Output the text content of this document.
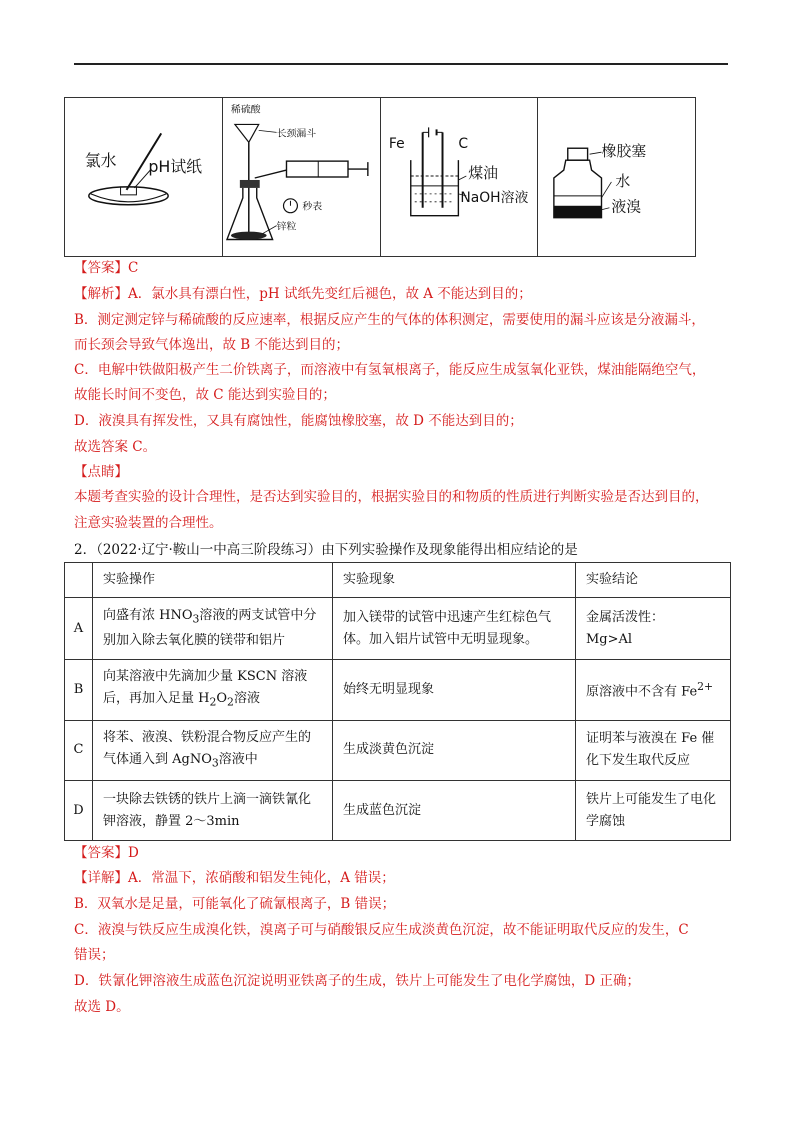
氯水 pH试纸

稀硫酸
长颈漏斗
秒表
锌粒

Fe	C
煤油
NaOH溶液

橡胶塞
水
液溴
【答案】C
【解析】A．氯水具有漂白性，pH 试纸先变红后褪色，故 A 不能达到目的；
B．测定测定锌与稀硫酸的反应速率，根据反应产生的气体的体积测定，需要使用的漏斗应该是分液漏斗，
而长颈会导致气体逸出，故 B 不能达到目的；
C．电解中铁做阳极产生二价铁离子，而溶液中有氢氧根离子，能反应生成氢氧化亚铁，煤油能隔绝空气，
故能长时间不变色，故 C 能达到实验目的；
D．液溴具有挥发性，又具有腐蚀性，能腐蚀橡胶塞，故 D 不能达到目的；
故选答案 C。
【点睛】
本题考查实验的设计合理性，是否达到实验目的，根据实验目的和物质的性质进行判断实验是否达到目的，
注意实验装置的合理性。
2．（2022·辽宁·鞍山一中高三阶段练习）由下列实验操作及现象能得出相应结论的是
	实验操作	实验现象	实验结论
A	向盛有浓 $HNO_3$溶液的两支试管中分
别加入除去氧化膜的镁带和铝片	加入镁带的试管中迅速产生红棕色气
体。加入铝片试管中无明显现象。	金属活泼性：
Mg>Al
B	向某溶液中先滴加少量 KSCN 溶液
后，再加入足量 $H_2O_2$溶液	始终无明显现象	原溶液中不含有 $Fe^{2+}$
C	将苯、液溴、铁粉混合物反应产生的
气体通入到 AgNO$_3$溶液中	生成淡黄色沉淀	证明苯与液溴在 Fe 催
化下发生取代反应
D	一块除去铁锈的铁片上滴一滴铁氰化
钾溶液，静置 2～3min	生成蓝色沉淀	铁片上可能发生了电化
学腐蚀
【答案】D
【详解】A．常温下，浓硝酸和铝发生钝化，A 错误；
B．双氧水是足量，可能氧化了硫氰根离子，B 错误；
C．液溴与铁反应生成溴化铁，溴离子可与硝酸银反应生成淡黄色沉淀，故不能证明取代反应的发生，C
错误；
D．铁氰化钾溶液生成蓝色沉淀说明亚铁离子的生成，铁片上可能发生了电化学腐蚀，D 正确；
故选 D。
